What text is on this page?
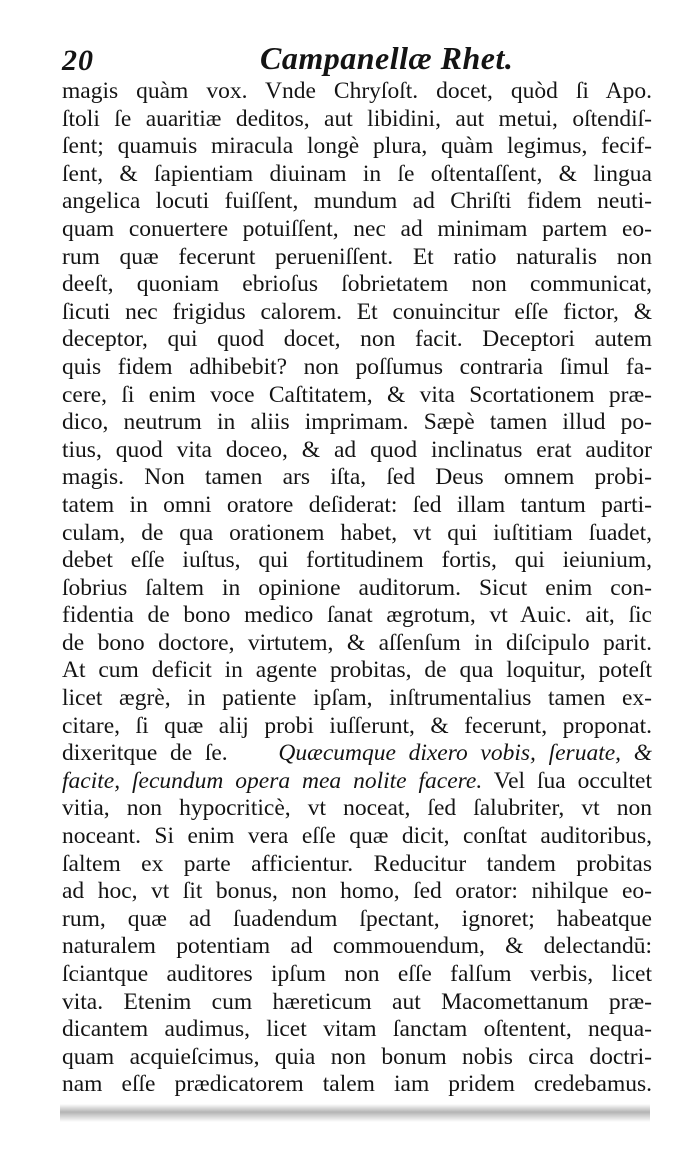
20	Campanellæ Rhet.
magis quàm vox. Vnde Chryſoſt. docet, quòd ſi Apo.
ſtoli ſe auaritiæ deditos, aut libidini, aut metui, oſtendiſ-
ſent; quamuis miracula longè plura, quàm legimus, fecif-
ſent, & ſapientiam diuinam in ſe oſtentaſſent, & lingua
angelica locuti fuiſſent, mundum ad Chriſti fidem neuti-
quam conuertere potuiſſent, nec ad minimam partem eo-
rum quæ fecerunt perueniſſent. Et ratio naturalis non
deeſt, quoniam ebrioſus ſobrietatem non communicat,
ſicuti nec frigidus calorem. Et conuincitur eſſe fictor, &
deceptor, qui quod docet, non facit. Deceptori autem
quis fidem adhibebit? non poſſumus contraria ſimul fa-
cere, ſi enim voce Caſtitatem, & vita Scortationem præ-
dico, neutrum in aliis imprimam. Sæpè tamen illud po-
tius, quod vita doceo, & ad quod inclinatus erat auditor
magis. Non tamen ars iſta, ſed Deus omnem probi-
tatem in omni oratore deſiderat: ſed illam tantum parti-
culam, de qua orationem habet, vt qui iuſtitiam ſuadet,
debet eſſe iuſtus, qui fortitudinem fortis, qui ieiunium,
ſobrius ſaltem in opinione auditorum. Sicut enim con-
fidentia de bono medico ſanat ægrotum, vt Auic. ait, ſic
de bono doctore, virtutem, & aſſenſum in diſcipulo parit.
At cum deficit in agente probitas, de qua loquitur, poteſt
licet ægrè, in patiente ipſam, inſtrumentalius tamen ex-
citare, ſi quæ alij probi iuſſerunt, & fecerunt, proponat.
dixeritque de ſe. Quæcumque dixero vobis, ſeruate, &
facite, ſecundum opera mea nolite facere. Vel ſua occultet
vitia, non hypocriticè, vt noceat, ſed ſalubriter, vt non
noceant. Si enim vera eſſe quæ dicit, conſtat auditoribus,
ſaltem ex parte afficientur. Reducitur tandem probitas
ad hoc, vt ſit bonus, non homo, ſed orator: nihilque eo-
rum, quæ ad ſuadendum ſpectant, ignoret; habeatque
naturalem potentiam ad commouendum, & delectandū:
ſciantque auditores ipſum non eſſe falſum verbis, licet
vita. Etenim cum hæreticum aut Macomettanum præ-
dicantem audimus, licet vitam ſanctam oſtentent, nequa-
quam acquieſcimus, quia non bonum nobis circa doctri-
nam eſſe prædicatorem talem iam pridem credebamus.
